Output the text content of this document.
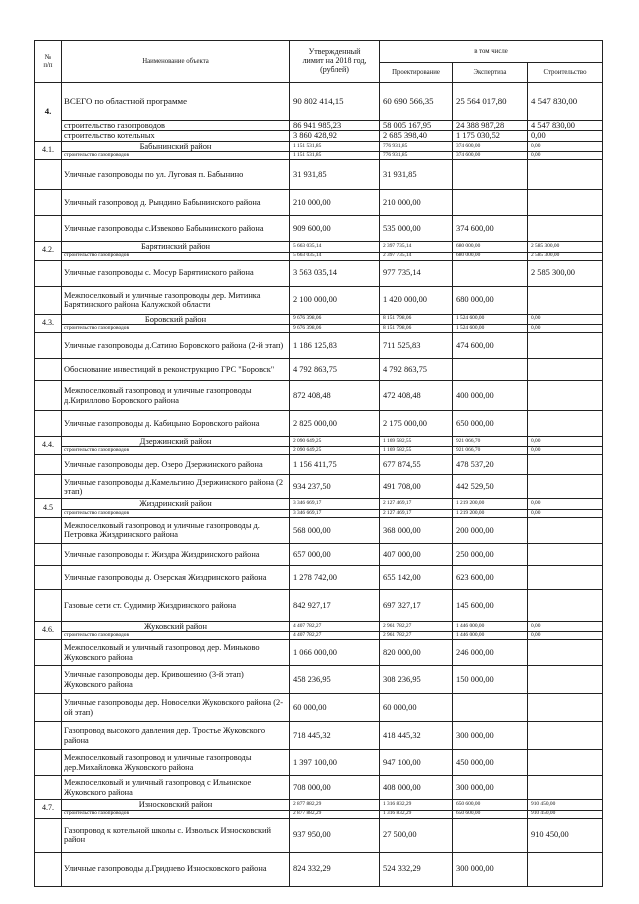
№
п/п	Наименование объекта	Утвержденный
лимит на 2018 год,
(рублей)	в том числе		
			Проектирование	Экспертиза	Строительство
4.	ВСЕГО по областной программе	90 802 414,15	60 690 566,35	25 564 017,80	4 547 830,00
	строительство газопроводов	86 941 985,23	58 005 167,95	24 388 987,28	4 547 830,00
	строительство котельных	3 860 428,92	2 685 398,40	1 175 030,52	0,00
4.1.	Бабынинский район	1 151 531,85	776 931,85	374 600,00	0,00
	строительство газопроводов	1 151 531,85	776 931,85	374 600,00	0,00
	Уличные газопроводы по ул. Луговая п. Бабынино	31 931,85	31 931,85		
	Уличный газопровод д. Рындино Бабынинского района	210 000,00	210 000,00		
	Уличные газопроводы с.Извеково Бабынинского района	909 600,00	535 000,00	374 600,00	
4.2.	Барятинский район	5 663 035,14	2 397 735,14	680 000,00	2 585 300,00
	строительство газопроводов	5 663 035,14	2 397 735,14	680 000,00	2 585 300,00
	Уличные газопроводы с. Мосур Барятинского района	3 563 035,14	977 735,14		2 585 300,00
	Межпоселковый и уличные газопроводы дер. Митинка Барятинского района Калужской области	2 100 000,00	1 420 000,00	680 000,00	
4.3.	Боровский район	9 676 398,06	8 151 798,06	1 524 600,00	0,00
	строительство газопроводов	9 676 398,06	8 151 798,06	1 524 600,00	0,00
	Уличные газопроводы д.Сатино Боровского района (2-й этап)	1 186 125,83	711 525,83	474 600,00	
	Обоснование инвестиций в реконструкцию ГРС "Боровск"	4 792 863,75	4 792 863,75		
	Межпоселковый газопровод и уличные газопроводы д.Кириллово Боровского района	872 408,48	472 408,48	400 000,00	
	Уличные газопроводы д. Кабицыно Боровского района	2 825 000,00	2 175 000,00	650 000,00	
4.4.	Дзержинский район	2 090 649,25	1 169 582,55	921 066,70	0,00
	строительство газопроводов	2 090 649,25	1 169 582,55	921 066,70	0,00
	Уличные газопроводы дер. Озеро Дзержинского района	1 156 411,75	677 874,55	478 537,20	
	Уличные газопроводы д.Камельгино Дзержинского района (2 этап)	934 237,50	491 708,00	442 529,50	
4.5	Жиздринский район	3 346 669,17	2 127 469,17	1 219 200,00	0,00
	строительство газопроводов	3 346 669,17	2 127 469,17	1 219 200,00	0,00
	Межпоселковый газопровод и уличные газопроводы д. Петровка Жиздринского района	568 000,00	368 000,00	200 000,00	
	Уличные газопроводы г. Жиздра Жиздринского района	657 000,00	407 000,00	250 000,00	
	Уличные газопроводы д. Озерская Жиздринского района	1 278 742,00	655 142,00	623 600,00	
	Газовые сети ст. Судимир Жиздринского района	842 927,17	697 327,17	145 600,00	
4.6.	Жуковский район	4 407 782,27	2 961 782,27	1 446 000,00	0,00
	строительство газопроводов	4 407 782,27	2 961 782,27	1 446 000,00	0,00
	Межпоселковый и уличный газопровод дер. Миньково Жуковского района	1 066 000,00	820 000,00	246 000,00	
	Уличные газопроводы дер. Кривошеино (3-й этап) Жуковского района	458 236,95	308 236,95	150 000,00	
	Уличные газопроводы дер. Новоселки Жуковского района (2-ой этап)	60 000,00	60 000,00		
	Газопровод высокого давления дер. Тростье Жуковского района	718 445,32	418 445,32	300 000,00	
	Межпоселковый газопровод и уличные газопроводы дер.Михайловка Жуковского района	1 397 100,00	947 100,00	450 000,00	
	Межпоселковый и уличный газопровод с Ильинское Жуковского района	708 000,00	408 000,00	300 000,00	
4.7.	Износковский район	2 877 882,29	1 316 832,29	650 600,00	910 450,00
	строительство газопроводов	2 877 882,29	1 316 832,29	650 600,00	910 450,00
	Газопровод к котельной школы с. Извольск Износковский район	937 950,00	27 500,00		910 450,00
	Уличные газопроводы д.Гриднево Износковского района	824 332,29	524 332,29	300 000,00	
